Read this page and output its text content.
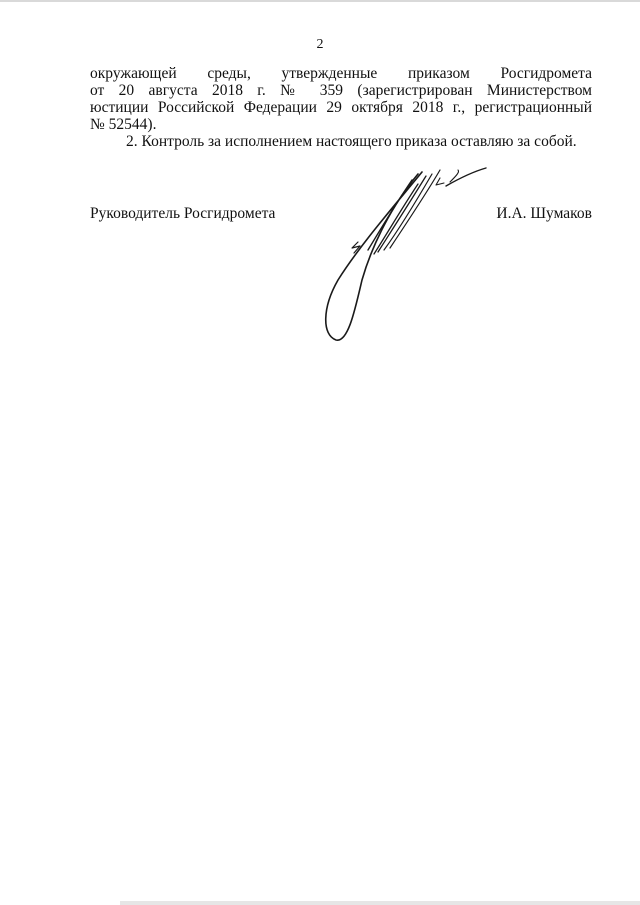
2
окружающей среды, утвержденные приказом Росгидромета
от 20 августа 2018 г. № 359 (зарегистрирован Министерством
юстиции Российской Федерации 29 октября 2018 г., регистрационный
№ 52544).
2. Контроль за исполнением настоящего приказа оставляю за собой.
Руководитель Росгидромета	И.А. Шумаков
